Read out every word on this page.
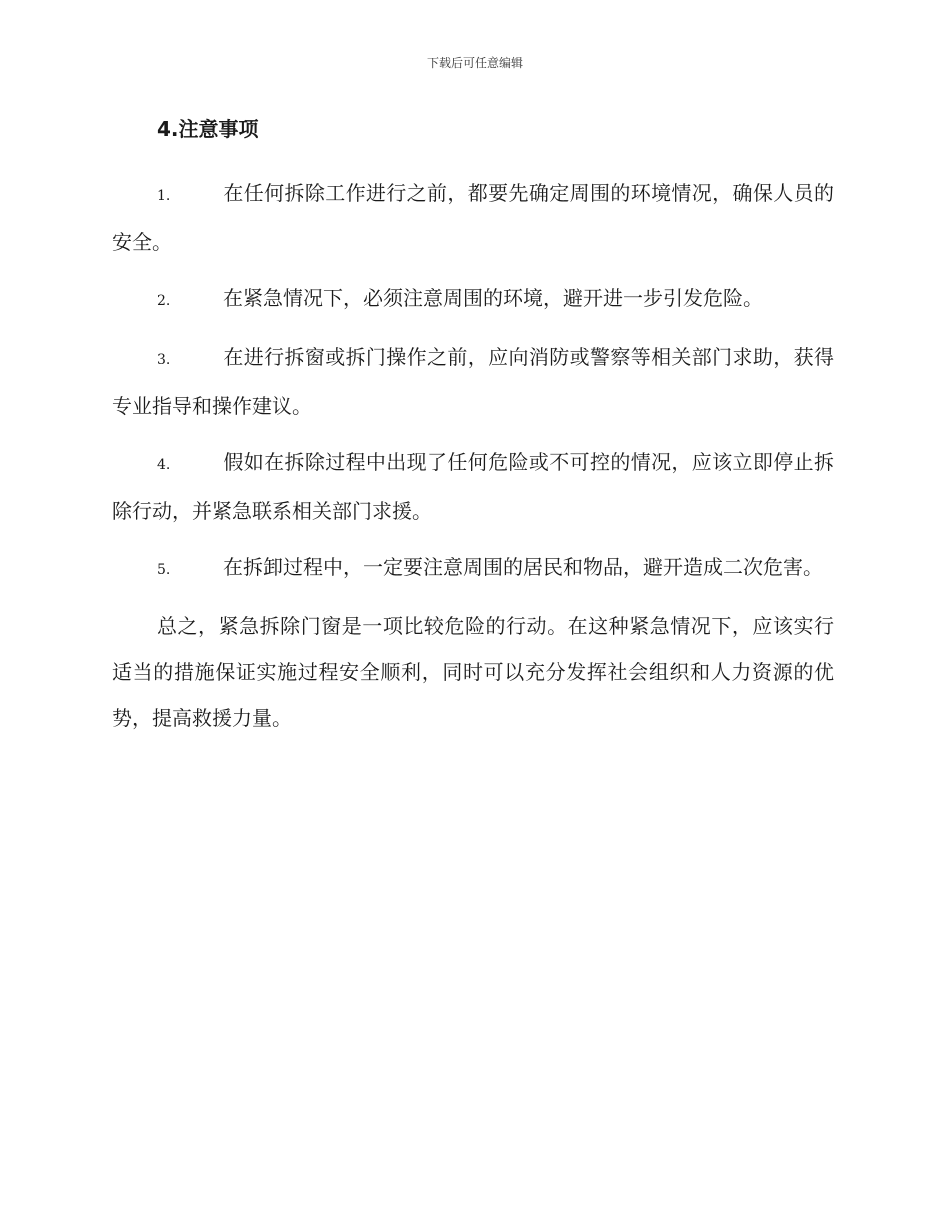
下载后可任意编辑
4.注意事项
1.	在任何拆除工作进行之前，都要先确定周围的环境情况，确保人员的安全。
2.	在紧急情况下，必须注意周围的环境，避开进一步引发危险。
3.	在进行拆窗或拆门操作之前，应向消防或警察等相关部门求助，获得专业指导和操作建议。
4.	假如在拆除过程中出现了任何危险或不可控的情况，应该立即停止拆除行动，并紧急联系相关部门求援。
5.	在拆卸过程中，一定要注意周围的居民和物品，避开造成二次危害。

总之，紧急拆除门窗是一项比较危险的行动。在这种紧急情况下，应该实行适当的措施保证实施过程安全顺利，同时可以充分发挥社会组织和人力资源的优势，提高救援力量。
